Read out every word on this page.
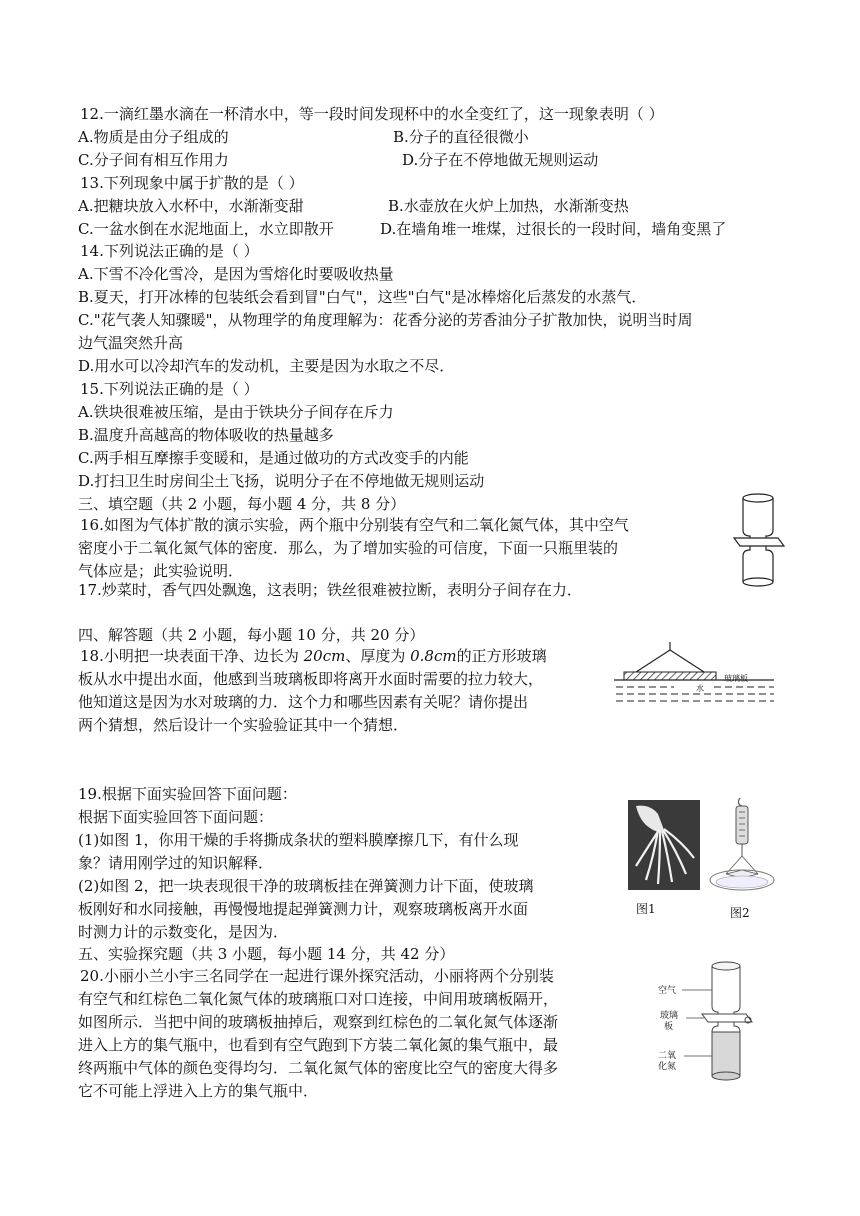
12.一滴红墨水滴在一杯清水中，等一段时间发现杯中的水全变红了，这一现象表明（ ）
A.物质是由分子组成的	B.分子的直径很微小
C.分子间有相互作用力	D.分子在不停地做无规则运动
13.下列现象中属于扩散的是（ ）
A.把糖块放入水杯中，水渐渐变甜	B.水壶放在火炉上加热，水渐渐变热
C.一盆水倒在水泥地面上，水立即散开	D.在墙角堆一堆煤，过很长的一段时间，墙角变黑了
14.下列说法正确的是（ ）
A.下雪不冷化雪冷，是因为雪熔化时要吸收热量
B.夏天，打开冰棒的包装纸会看到冒"白气"，这些"白气"是冰棒熔化后蒸发的水蒸气．
C."花气袭人知骤暖"，从物理学的角度理解为：花香分泌的芳香油分子扩散加快，说明当时周
边气温突然升高
D.用水可以冷却汽车的发动机，主要是因为水取之不尽．
15.下列说法正确的是（ ）
A.铁块很难被压缩，是由于铁块分子间存在斥力
B.温度升高越高的物体吸收的热量越多
C.两手相互摩擦手变暖和，是通过做功的方式改变手的内能
D.打扫卫生时房间尘土飞扬，说明分子在不停地做无规则运动
三、填空题（共 2 小题，每小题 4 分，共 8 分）
16.如图为气体扩散的演示实验，两个瓶中分别装有空气和二氧化氮气体，其中空气
密度小于二氧化氮气体的密度．那么，为了增加实验的可信度，下面一只瓶里装的
气体应是；此实验说明．
17.炒菜时，香气四处飘逸，这表明；铁丝很难被拉断，表明分子间存在力．
四、解答题（共 2 小题，每小题 10 分，共 20 分）
18.小明把一块表面干净、边长为 20cm、厚度为 0.8cm的正方形玻璃
板从水中提出水面，他感到当玻璃板即将离开水面时需要的拉力较大，
他知道这是因为水对玻璃的力．这个力和哪些因素有关呢？请你提出
两个猜想，然后设计一个实验验证其中一个猜想．
玻璃板
水
19.根据下面实验回答下面问题：
根据下面实验回答下面问题：
(1)如图 1，你用干燥的手将撕成条状的塑料膜摩擦几下，有什么现
象？请用刚学过的知识解释．
(2)如图 2，把一块表现很干净的玻璃板挂在弹簧测力计下面，使玻璃
板刚好和水同接触，再慢慢地提起弹簧测力计，观察玻璃板离开水面
时测力计的示数变化，是因为．
图1	图2
五、实验探究题（共 3 小题，每小题 14 分，共 42 分）
20.小丽小兰小宇三名同学在一起进行课外探究活动，小丽将两个分别装
有空气和红棕色二氧化氮气体的玻璃瓶口对口连接，中间用玻璃板隔开，
如图所示．当把中间的玻璃板抽掉后，观察到红棕色的二氧化氮气体逐渐
进入上方的集气瓶中，也看到有空气跑到下方装二氧化氮的集气瓶中，最
终两瓶中气体的颜色变得均匀．二氧化氮气体的密度比空气的密度大得多
它不可能上浮进入上方的集气瓶中．
空气
玻璃
板
二氧
化氮
